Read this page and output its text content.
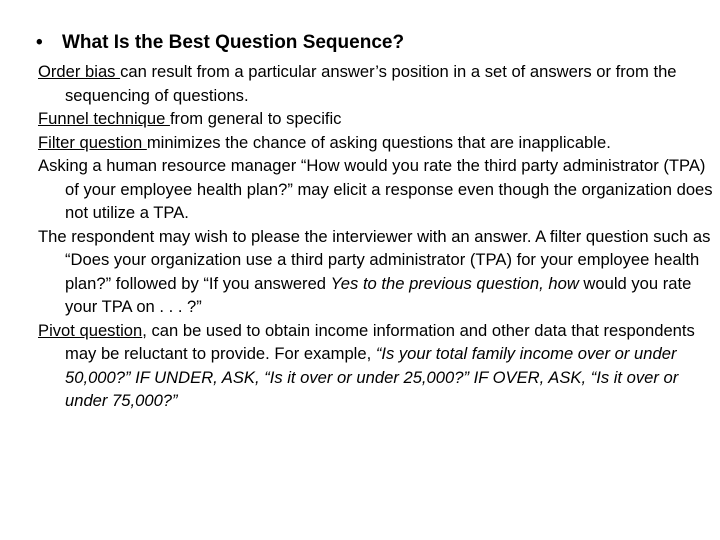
• What Is the Best Question Sequence?

Order bias can result from a particular answer’s position in a set of answers or from the sequencing of questions.

Funnel technique from general to specific

Filter question minimizes the chance of asking questions that are inapplicable.

Asking a human resource manager “How would you rate the third party administrator (TPA) of your employee health plan?” may elicit a response even though the organization does not utilize a TPA.

The respondent may wish to please the interviewer with an answer. A filter question such as “Does your organization use a third party administrator (TPA) for your employee health plan?” followed by “If you answered Yes to the previous question, how would you rate your TPA on . . . ?”

Pivot question, can be used to obtain income information and other data that respondents may be reluctant to provide. For example, “Is your total family income over or under 50,000?” IF UNDER, ASK, “Is it over or under 25,000?” IF OVER, ASK, “Is it over or under 75,000?”
